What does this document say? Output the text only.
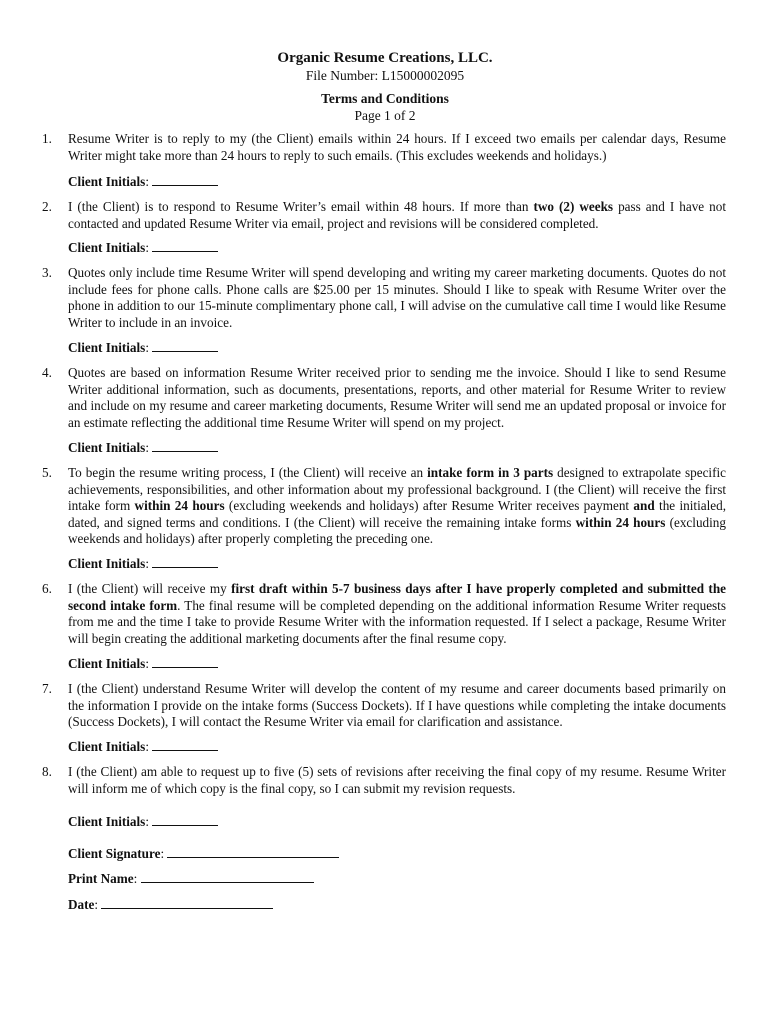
Organic Resume Creations, LLC.
File Number: L15000002095
Terms and Conditions
Page 1 of 2
1. Resume Writer is to reply to my (the Client) emails within 24 hours. If I exceed two emails per calendar days, Resume Writer might take more than 24 hours to reply to such emails. (This excludes weekends and holidays.)
Client Initials:
2. I (the Client) is to respond to Resume Writer’s email within 48 hours. If more than two (2) weeks pass and I have not contacted and updated Resume Writer via email, project and revisions will be considered completed.
Client Initials:
3. Quotes only include time Resume Writer will spend developing and writing my career marketing documents. Quotes do not include fees for phone calls. Phone calls are $25.00 per 15 minutes. Should I like to speak with Resume Writer over the phone in addition to our 15-minute complimentary phone call, I will advise on the cumulative call time I would like Resume Writer to include in an invoice.
Client Initials:
4. Quotes are based on information Resume Writer received prior to sending me the invoice. Should I like to send Resume Writer additional information, such as documents, presentations, reports, and other material for Resume Writer to review and include on my resume and career marketing documents, Resume Writer will send me an updated proposal or invoice for an estimate reflecting the additional time Resume Writer will spend on my project.
Client Initials:
5. To begin the resume writing process, I (the Client) will receive an intake form in 3 parts designed to extrapolate specific achievements, responsibilities, and other information about my professional background. I (the Client) will receive the first intake form within 24 hours (excluding weekends and holidays) after Resume Writer receives payment and the initialed, dated, and signed terms and conditions. I (the Client) will receive the remaining intake forms within 24 hours (excluding weekends and holidays) after properly completing the preceding one.
Client Initials:
6. I (the Client) will receive my first draft within 5-7 business days after I have properly completed and submitted the second intake form. The final resume will be completed depending on the additional information Resume Writer requests from me and the time I take to provide Resume Writer with the information requested. If I select a package, Resume Writer will begin creating the additional marketing documents after the final resume copy.
Client Initials:
7. I (the Client) understand Resume Writer will develop the content of my resume and career documents based primarily on the information I provide on the intake forms (Success Dockets). If I have questions while completing the intake documents (Success Dockets), I will contact the Resume Writer via email for clarification and assistance.
Client Initials:
8. I (the Client) am able to request up to five (5) sets of revisions after receiving the final copy of my resume. Resume Writer will inform me of which copy is the final copy, so I can submit my revision requests.
Client Initials:
Client Signature:
Print Name:
Date:
